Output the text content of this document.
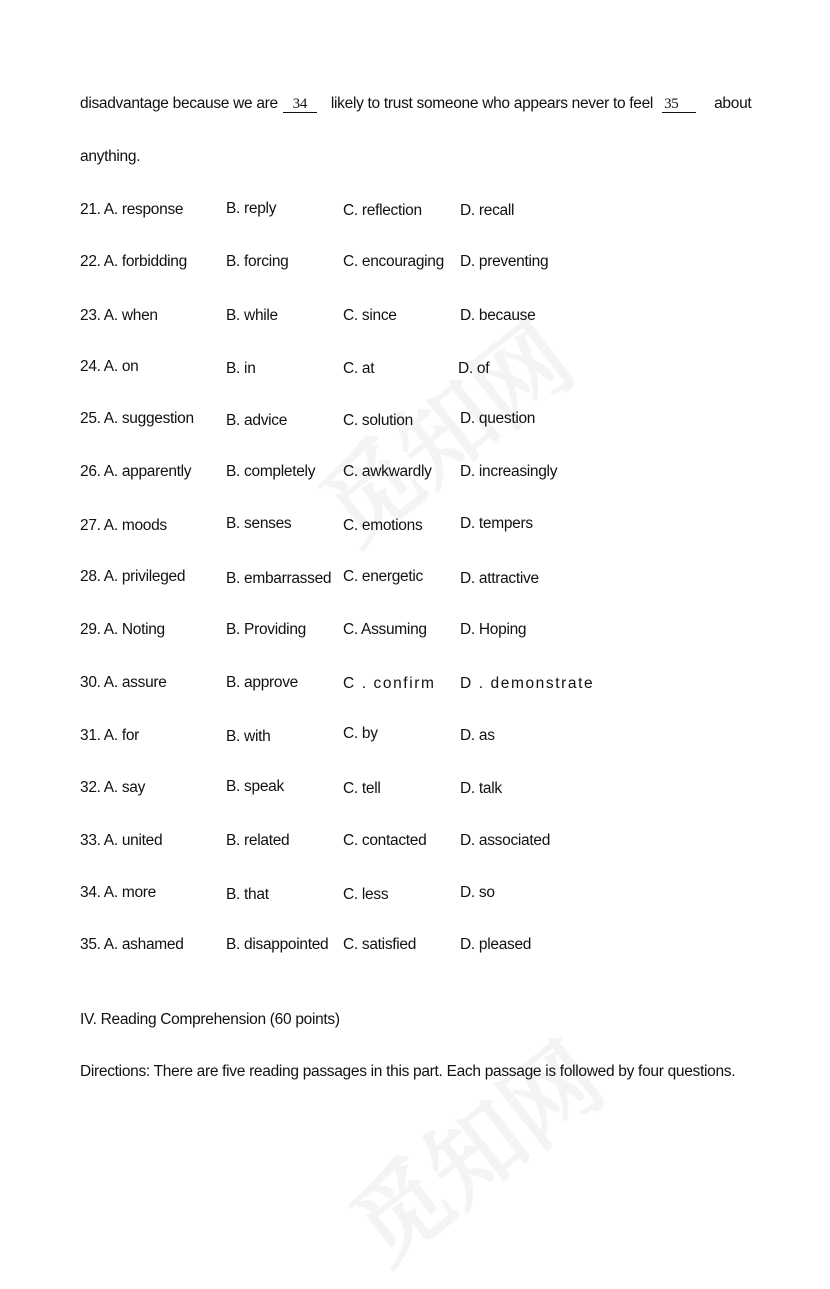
disadvantage because we are 34 likely to trust someone who appears never to feel 35 about
anything.
21. A. response	B. reply	C. reflection D. recall
22. A. forbidding	B. forcing	C. encouraging D. preventing
23. A. when	B. while	C. since	D. because
24. A. on	B. in	C. at	D. of
25. A. suggestion B. advice	C. solution	D. question
26. A. apparently B. completely C. awkwardly D. increasingly
27. A. moods	B. senses	C. emotions D. tempers
28. A. privileged	B. embarrassed C. energetic D. attractive
29. A. Noting	B. Providing C. Assuming D. Hoping
30. A. assure	B. approve	C . confirm D . demonstrate
31. A. for	B. with	C. by	D. as
32. A. say	B. speak	C. tell	D. talk
33. A. united	B. related	C. contacted D. associated
34. A. more	B. that	C. less	D. so
35. A. ashamed	B. disappointed C. satisfied	D. pleased
IV. Reading Comprehension (60 points)
Directions: There are five reading passages in this part. Each passage is followed by four questions.
